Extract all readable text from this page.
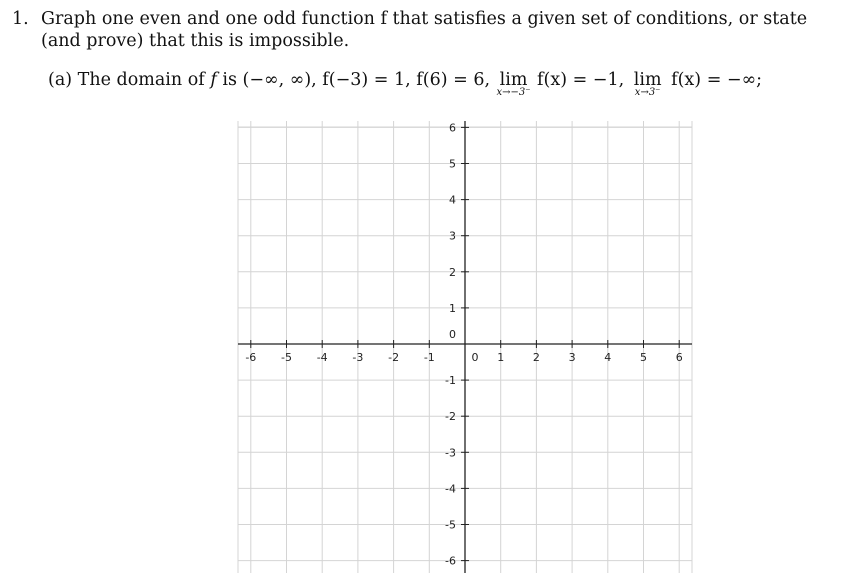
1. Graph one even and one odd function f that satisfies a given set of conditions, or state (and prove) that this is impossible.
(a) The domain of f is (−∞, ∞), f(−3) = 1, f(6) = 6, lim
x→−3⁻
f(x) = −1, lim
x→3⁻
f(x) = −∞;
-6 -5 -4 -3 -2 -1	0 1	2	3	4	5	6
6
5
4
3
2
1
0
-1
-2
-3
-4
-5
-6
